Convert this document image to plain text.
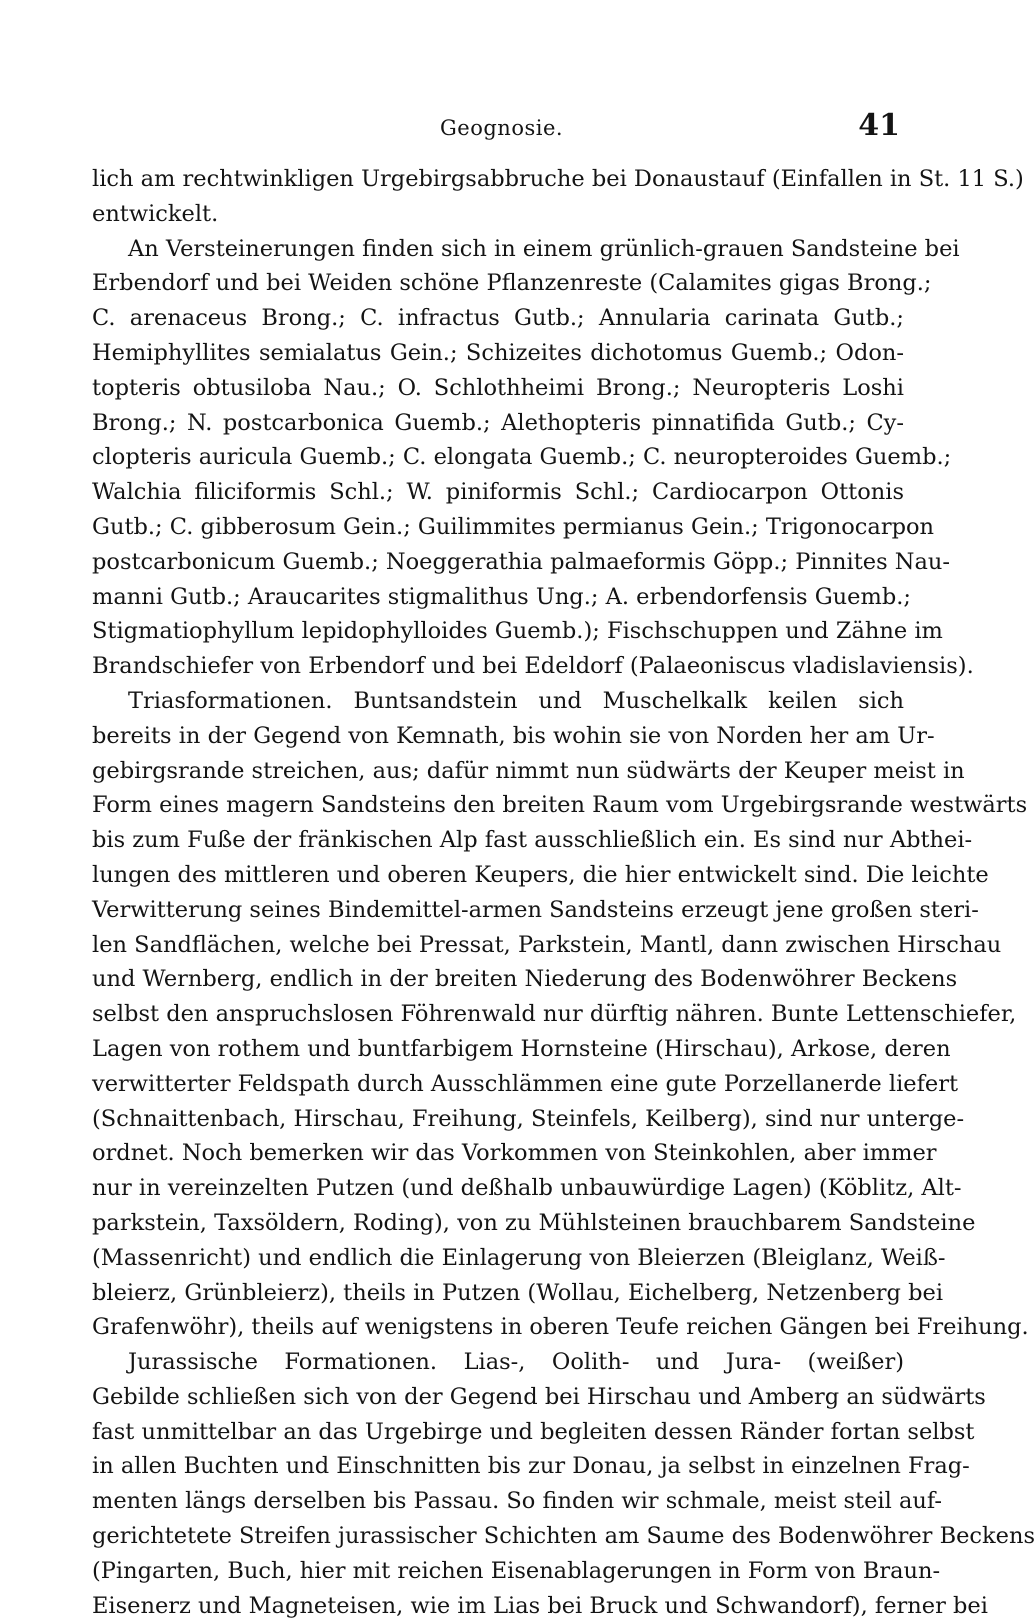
Geognosie.	41
lich am rechtwinkligen Urgebirgsabbruche bei Donaustauf (Einfallen in St. 11 S.)
entwickelt.
An Versteinerungen finden sich in einem grünlich-grauen Sandsteine bei
Erbendorf und bei Weiden schöne Pflanzenreste (Calamites gigas Brong.;
C. arenaceus Brong.; C. infractus Gutb.; Annularia carinata Gutb.;
Hemiphyllites semialatus Gein.; Schizeites dichotomus Guemb.; Odon-
topteris obtusiloba Nau.; O. Schlothheimi Brong.; Neuropteris Loshi
Brong.; N. postcarbonica Guemb.; Alethopteris pinnatifida Gutb.; Cy-
clopteris auricula Guemb.; C. elongata Guemb.; C. neuropteroides Guemb.;
Walchia filiciformis Schl.; W. piniformis Schl.; Cardiocarpon Ottonis
Gutb.; C. gibberosum Gein.; Guilimmites permianus Gein.; Trigonocarpon
postcarbonicum Guemb.; Noeggerathia palmaeformis Göpp.; Pinnites Nau-
manni Gutb.; Araucarites stigmalithus Ung.; A. erbendorfensis Guemb.;
Stigmatiophyllum lepidophylloides Guemb.); Fischschuppen und Zähne im
Brandschiefer von Erbendorf und bei Edeldorf (Palaeoniscus vladislaviensis).
Triasformationen. Buntsandstein und Muschelkalk keilen sich
bereits in der Gegend von Kemnath, bis wohin sie von Norden her am Ur-
gebirgsrande streichen, aus; dafür nimmt nun südwärts der Keuper meist in
Form eines magern Sandsteins den breiten Raum vom Urgebirgsrande westwärts
bis zum Fuße der fränkischen Alp fast ausschließlich ein. Es sind nur Abthei-
lungen des mittleren und oberen Keupers, die hier entwickelt sind. Die leichte
Verwitterung seines Bindemittel-armen Sandsteins erzeugt jene großen steri-
len Sandflächen, welche bei Pressat, Parkstein, Mantl, dann zwischen Hirschau
und Wernberg, endlich in der breiten Niederung des Bodenwöhrer Beckens
selbst den anspruchslosen Föhrenwald nur dürftig nähren. Bunte Lettenschiefer,
Lagen von rothem und buntfarbigem Hornsteine (Hirschau), Arkose, deren
verwitterter Feldspath durch Ausschlämmen eine gute Porzellanerde liefert
(Schnaittenbach, Hirschau, Freihung, Steinfels, Keilberg), sind nur unterge-
ordnet. Noch bemerken wir das Vorkommen von Steinkohlen, aber immer
nur in vereinzelten Putzen (und deßhalb unbauwürdige Lagen) (Köblitz, Alt-
parkstein, Taxsöldern, Roding), von zu Mühlsteinen brauchbarem Sandsteine
(Massenricht) und endlich die Einlagerung von Bleierzen (Bleiglanz, Weiß-
bleierz, Grünbleierz), theils in Putzen (Wollau, Eichelberg, Netzenberg bei
Grafenwöhr), theils auf wenigstens in oberen Teufe reichen Gängen bei Freihung.
Jurassische Formationen. Lias-, Oolith- und Jura- (weißer)
Gebilde schließen sich von der Gegend bei Hirschau und Amberg an südwärts
fast unmittelbar an das Urgebirge und begleiten dessen Ränder fortan selbst
in allen Buchten und Einschnitten bis zur Donau, ja selbst in einzelnen Frag-
menten längs derselben bis Passau. So finden wir schmale, meist steil auf-
gerichtetete Streifen jurassischer Schichten am Saume des Bodenwöhrer Beckens
(Pingarten, Buch, hier mit reichen Eisenablagerungen in Form von Braun-
Eisenerz und Magneteisen, wie im Lias bei Bruck und Schwandorf), ferner bei
